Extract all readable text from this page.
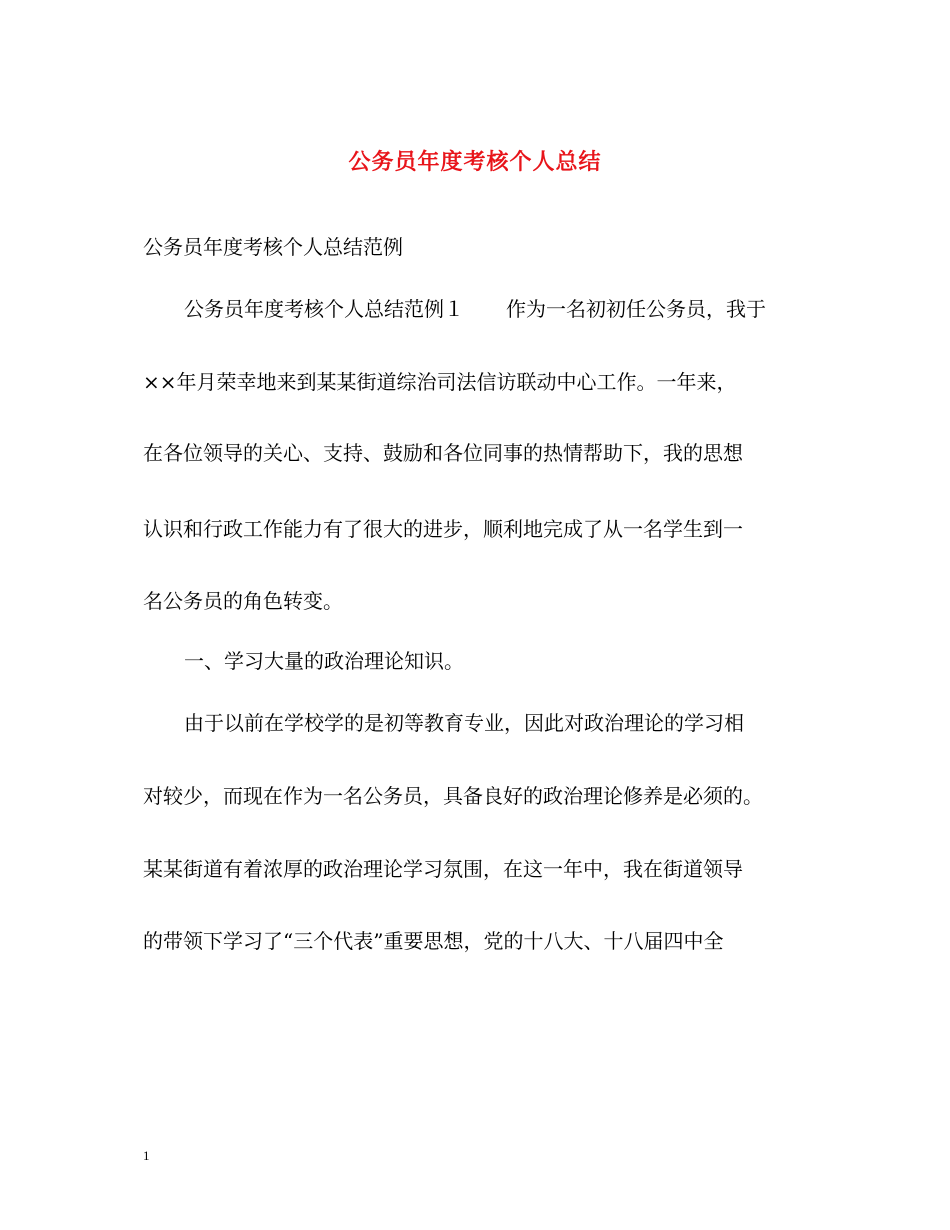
公务员年度考核个人总结
公务员年度考核个人总结范例
公务员年度考核个人总结范例１ 作为一名初初任公务员，我于
××年月荣幸地来到某某街道综治司法信访联动中心工作。一年来，
在各位领导的关心、支持、鼓励和各位同事的热情帮助下，我的思想
认识和行政工作能力有了很大的进步，顺利地完成了从一名学生到一
名公务员的角色转变。
一、学习大量的政治理论知识。
由于以前在学校学的是初等教育专业，因此对政治理论的学习相
对较少，而现在作为一名公务员，具备良好的政治理论修养是必须的。
某某街道有着浓厚的政治理论学习氛围，在这一年中，我在街道领导
的带领下学习了“三个代表”重要思想，党的十八大、十八届四中全
1
